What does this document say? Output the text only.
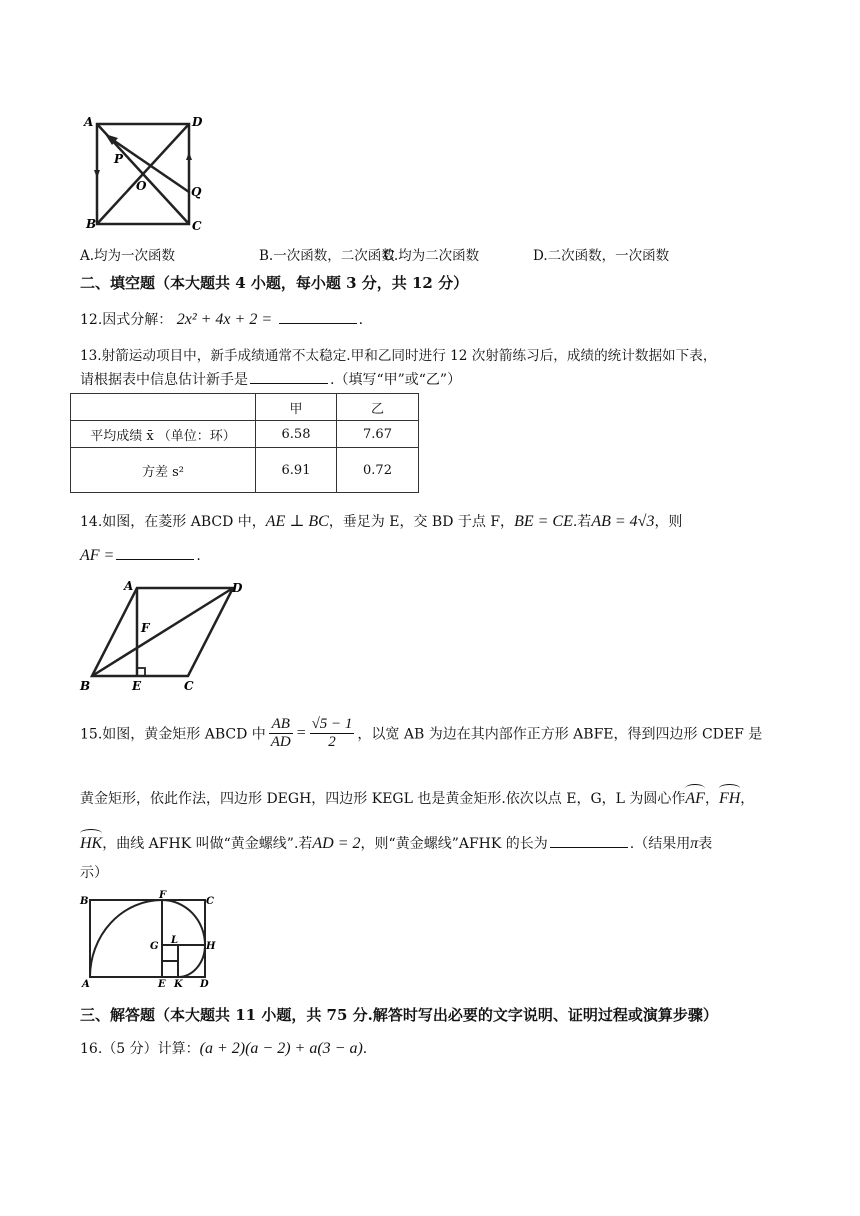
A	D
B	C
P
O	Q
A.均为一次函数	B.一次函数，二次函数
C.均为二次函数	D.二次函数，一次函数
二、填空题（本大题共 4 小题，每小题 3 分，共 12 分）
12.因式分解： 2x² + 4x + 2 =	.
13.射箭运动项目中，新手成绩通常不太稳定.甲和乙同时进行 12 次射箭练习后，成绩的统计数据如下表，
请根据表中信息估计新手是	.（填写“甲”或“乙”）
	甲	乙
平均成绩 x̄ （单位：环）	6.58	7.67
方差 s²	6.91	0.72
14.如图，在菱形 ABCD 中，AE ⊥ BC，垂足为 E，交 BD 于点 F，BE = CE.若AB = 4√3，则
AF =	.
A	D
F
B	E	C
15.如图，黄金矩形 ABCD 中 $\frac{AB}{AD} = \frac{√5 - 1}{2}$ ，以宽 AB 为边在其内部作正方形 ABFE，得到四边形 CDEF 是
黄金矩形，依此作法，四边形 DEGH，四边形 KEGL 也是黄金矩形.依次以点 E，G，L 为圆心作AF，FH，
HK，曲线 AFHK 叫做“黄金螺线”.若AD = 2，则“黄金螺线”AFHK 的长为	.（结果用π表
示）
B
F
C
G
L
H
A	E K D
三、解答题（本大题共 11 小题，共 75 分.解答时写出必要的文字说明、证明过程或演算步骤）
16.（5 分）计算：(a + 2)(a − 2) + a(3 − a).
